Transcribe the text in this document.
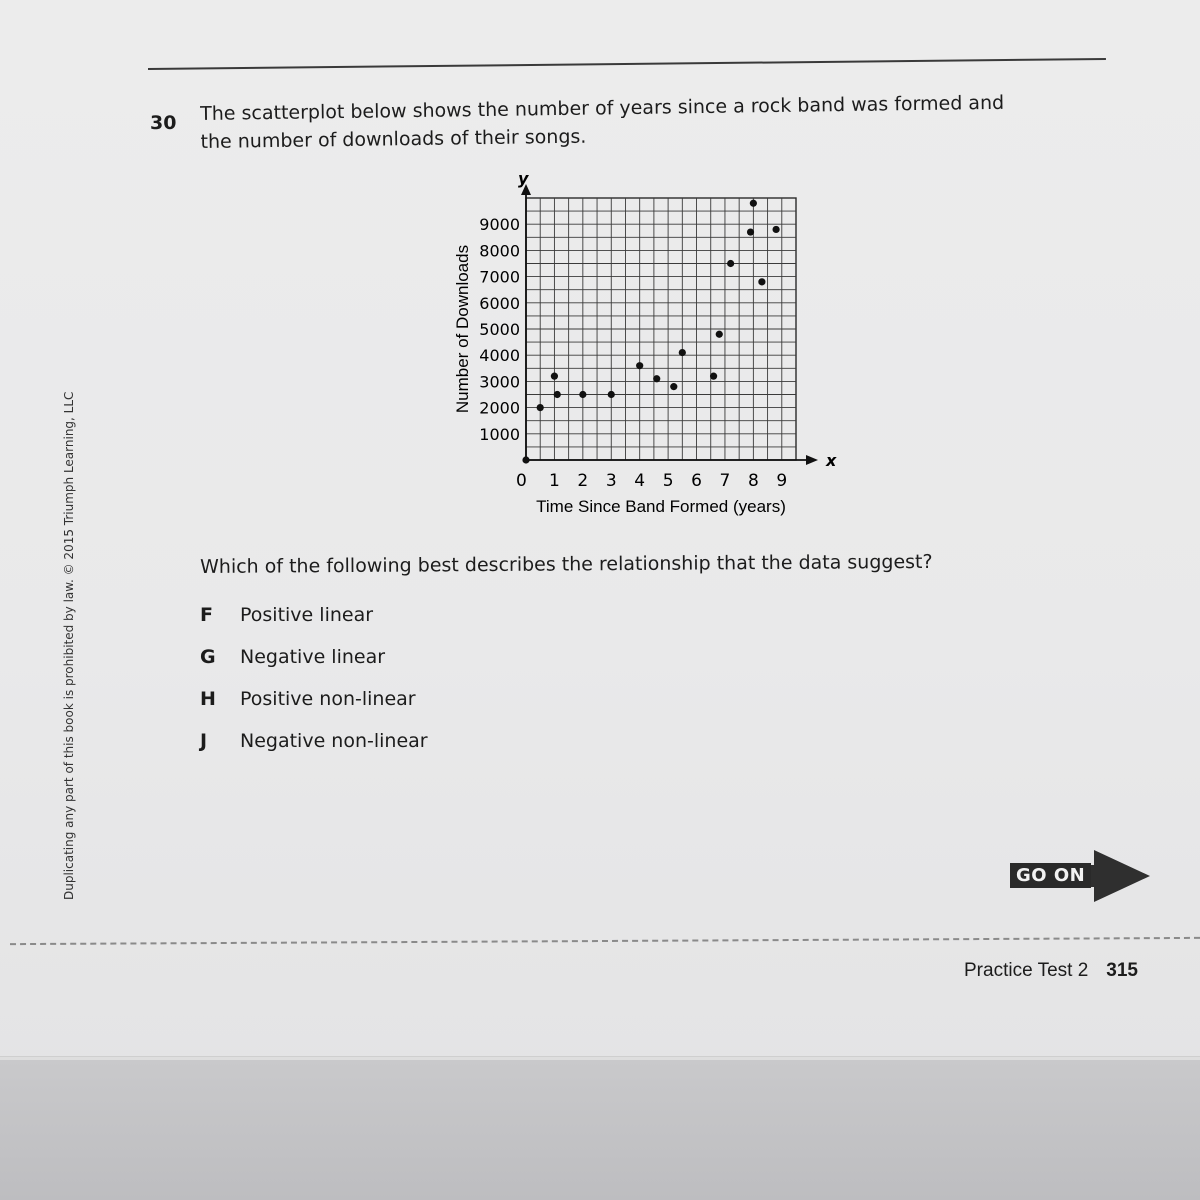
30 The scatterplot below shows the number of years since a rock band was formed and
the number of downloads of their songs.
1000
2000
3000
4000
5000
6000
7000
8000
9000
1 2 3 4 5 6 7 8 9
y
x
0
Time Since Band Formed (years)
Number of Downloads
Which of the following best describes the relationship that the data suggest?
F	Positive linear
G	Negative linear
H	Positive non-linear
J	Negative non-linear
Duplicating any part of this book is prohibited by law. © 2015 Triumph Learning, LLC	GO ON
Practice Test 2 315
